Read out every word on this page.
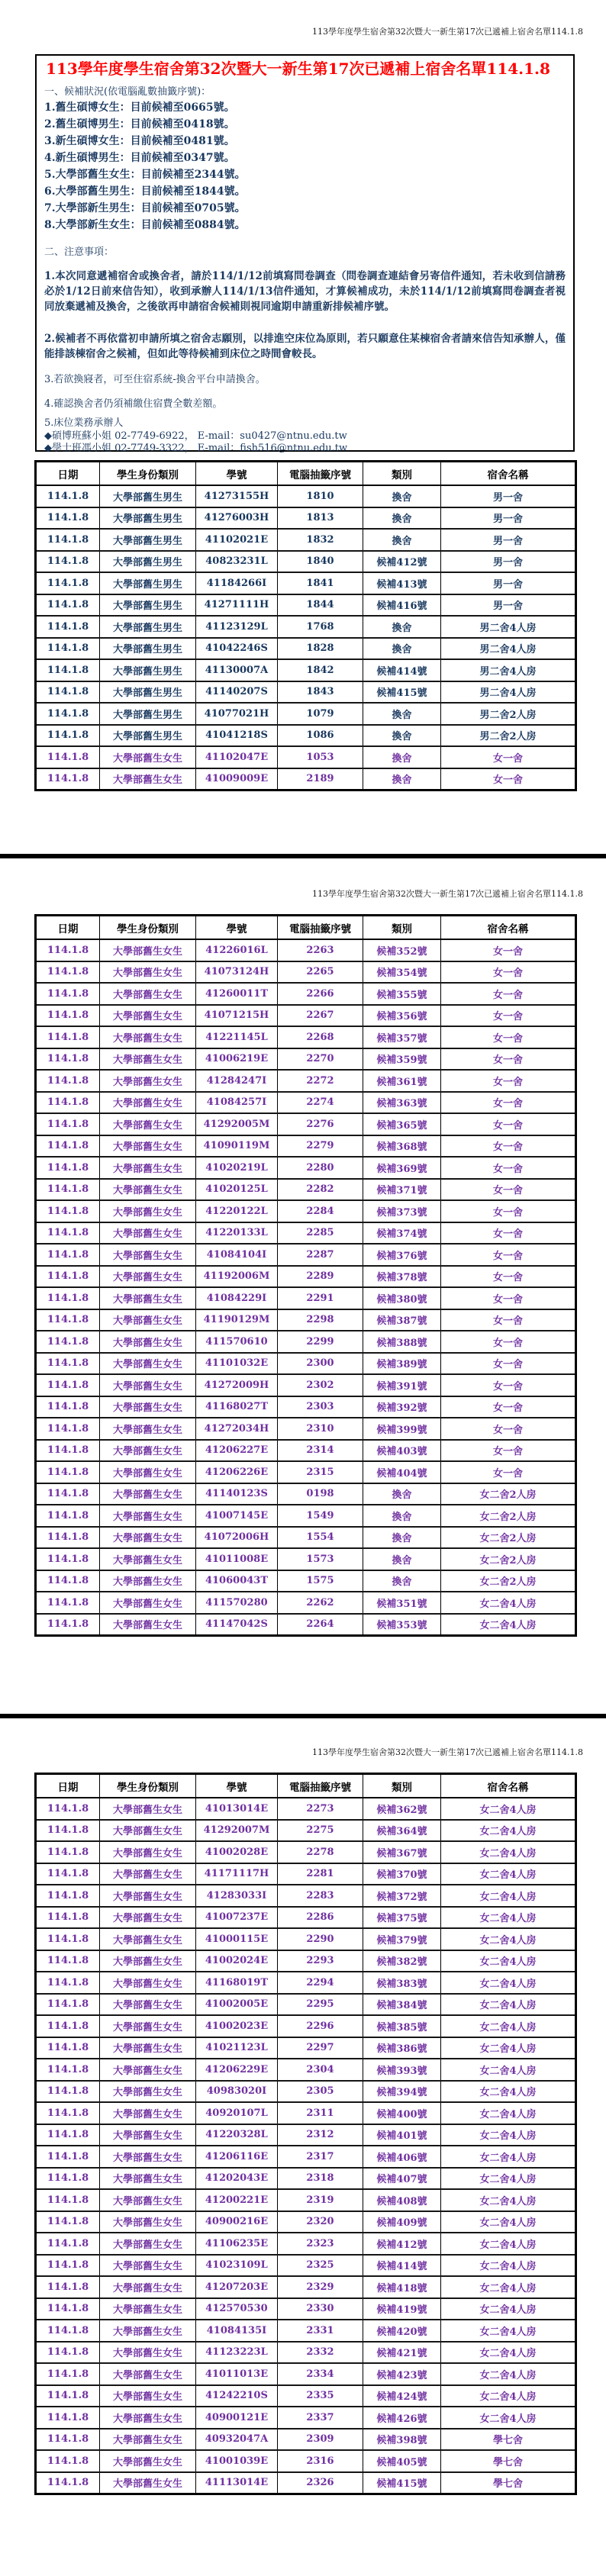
113學年度學生宿舍第32次暨大一新生第17次已遞補上宿舍名單114.1.8
113學年度學生宿舍第32次暨大一新生第17次已遞補上宿舍名單114.1.8
一、候補狀況(依電腦亂數抽籤序號)：
1.舊生碩博女生：目前候補至0665號。
2.舊生碩博男生：目前候補至0418號。
3.新生碩博女生：目前候補至0481號。
4.新生碩博男生：目前候補至0347號。
5.大學部舊生女生：目前候補至2344號。
6.大學部舊生男生：目前候補至1844號。
7.大學部新生男生：目前候補至0705號。
8.大學部新生女生：目前候補至0884號。
二、注意事項：
1.本次同意遞補宿舍或換舍者，請於114/1/12前填寫問卷調查（問卷調查連結會另寄信件通知，若未收到信請務必於1/12日前來信告知），收到承辦人114/1/13信件通知，才算候補成功，未於114/1/12前填寫問卷調查者視同放棄遞補及換舍，之後欲再申請宿舍候補則視同逾期申請重新排候補序號。
2.候補者不再依當初申請所填之宿舍志願別，以排進空床位為原則，若只願意住某棟宿舍者請來信告知承辦人，僅能排該棟宿舍之候補，但如此等待候補到床位之時間會較長。
3.若欲換寢者，可至住宿系統-換舍平台申請換舍。
4.確認換舍者仍須補繳住宿費全數差額。
5.床位業務承辦人
◆碩博班蘇小姐 02-7749-6922， E-mail：su0427@ntnu.edu.tw
◆學士班馮小姐 02-7749-3322， E-mail：fish516@ntnu.edu.tw
日期	學生身份類別	學號	電腦抽籤序號	類別	宿舍名稱
114.1.8	大學部舊生男生	41273155H	1810	換舍	男一舍
114.1.8	大學部舊生男生	41276003H	1813	換舍	男一舍
114.1.8	大學部舊生男生	41102021E	1832	換舍	男一舍
114.1.8	大學部舊生男生	40823231L	1840	候補412號	男一舍
114.1.8	大學部舊生男生	41184266I	1841	候補413號	男一舍
114.1.8	大學部舊生男生	41271111H	1844	候補416號	男一舍
114.1.8	大學部舊生男生	41123129L	1768	換舍	男二舍4人房
114.1.8	大學部舊生男生	41042246S	1828	換舍	男二舍4人房
114.1.8	大學部舊生男生	41130007A	1842	候補414號	男二舍4人房
114.1.8	大學部舊生男生	41140207S	1843	候補415號	男二舍4人房
114.1.8	大學部舊生男生	41077021H	1079	換舍	男二舍2人房
114.1.8	大學部舊生男生	41041218S	1086	換舍	男二舍2人房
114.1.8	大學部舊生女生	41102047E	1053	換舍	女一舍
114.1.8	大學部舊生女生	41009009E	2189	換舍	女一舍
113學年度學生宿舍第32次暨大一新生第17次已遞補上宿舍名單114.1.8
日期	學生身份類別	學號	電腦抽籤序號	類別	宿舍名稱
114.1.8	大學部舊生女生	41226016L	2263	候補352號	女一舍
114.1.8	大學部舊生女生	41073124H	2265	候補354號	女一舍
114.1.8	大學部舊生女生	41260011T	2266	候補355號	女一舍
114.1.8	大學部舊生女生	41071215H	2267	候補356號	女一舍
114.1.8	大學部舊生女生	41221145L	2268	候補357號	女一舍
114.1.8	大學部舊生女生	41006219E	2270	候補359號	女一舍
114.1.8	大學部舊生女生	41284247I	2272	候補361號	女一舍
114.1.8	大學部舊生女生	41084257I	2274	候補363號	女一舍
114.1.8	大學部舊生女生	41292005M	2276	候補365號	女一舍
114.1.8	大學部舊生女生	41090119M	2279	候補368號	女一舍
114.1.8	大學部舊生女生	41020219L	2280	候補369號	女一舍
114.1.8	大學部舊生女生	41020125L	2282	候補371號	女一舍
114.1.8	大學部舊生女生	41220122L	2284	候補373號	女一舍
114.1.8	大學部舊生女生	41220133L	2285	候補374號	女一舍
114.1.8	大學部舊生女生	41084104I	2287	候補376號	女一舍
114.1.8	大學部舊生女生	41192006M	2289	候補378號	女一舍
114.1.8	大學部舊生女生	41084229I	2291	候補380號	女一舍
114.1.8	大學部舊生女生	41190129M	2298	候補387號	女一舍
114.1.8	大學部舊生女生	411570610	2299	候補388號	女一舍
114.1.8	大學部舊生女生	41101032E	2300	候補389號	女一舍
114.1.8	大學部舊生女生	41272009H	2302	候補391號	女一舍
114.1.8	大學部舊生女生	41168027T	2303	候補392號	女一舍
114.1.8	大學部舊生女生	41272034H	2310	候補399號	女一舍
114.1.8	大學部舊生女生	41206227E	2314	候補403號	女一舍
114.1.8	大學部舊生女生	41206226E	2315	候補404號	女一舍
114.1.8	大學部舊生女生	41140123S	0198	換舍	女二舍2人房
114.1.8	大學部舊生女生	41007145E	1549	換舍	女二舍2人房
114.1.8	大學部舊生女生	41072006H	1554	換舍	女二舍2人房
114.1.8	大學部舊生女生	41011008E	1573	換舍	女二舍2人房
114.1.8	大學部舊生女生	41060043T	1575	換舍	女二舍2人房
114.1.8	大學部舊生女生	411570280	2262	候補351號	女二舍4人房
114.1.8	大學部舊生女生	41147042S	2264	候補353號	女二舍4人房
113學年度學生宿舍第32次暨大一新生第17次已遞補上宿舍名單114.1.8
日期	學生身份類別	學號	電腦抽籤序號	類別	宿舍名稱
114.1.8	大學部舊生女生	41013014E	2273	候補362號	女二舍4人房
114.1.8	大學部舊生女生	41292007M	2275	候補364號	女二舍4人房
114.1.8	大學部舊生女生	41002028E	2278	候補367號	女二舍4人房
114.1.8	大學部舊生女生	41171117H	2281	候補370號	女二舍4人房
114.1.8	大學部舊生女生	41283033I	2283	候補372號	女二舍4人房
114.1.8	大學部舊生女生	41007237E	2286	候補375號	女二舍4人房
114.1.8	大學部舊生女生	41000115E	2290	候補379號	女二舍4人房
114.1.8	大學部舊生女生	41002024E	2293	候補382號	女二舍4人房
114.1.8	大學部舊生女生	41168019T	2294	候補383號	女二舍4人房
114.1.8	大學部舊生女生	41002005E	2295	候補384號	女二舍4人房
114.1.8	大學部舊生女生	41002023E	2296	候補385號	女二舍4人房
114.1.8	大學部舊生女生	41021123L	2297	候補386號	女二舍4人房
114.1.8	大學部舊生女生	41206229E	2304	候補393號	女二舍4人房
114.1.8	大學部舊生女生	40983020I	2305	候補394號	女二舍4人房
114.1.8	大學部舊生女生	40920107L	2311	候補400號	女二舍4人房
114.1.8	大學部舊生女生	41220328L	2312	候補401號	女二舍4人房
114.1.8	大學部舊生女生	41206116E	2317	候補406號	女二舍4人房
114.1.8	大學部舊生女生	41202043E	2318	候補407號	女二舍4人房
114.1.8	大學部舊生女生	41200221E	2319	候補408號	女二舍4人房
114.1.8	大學部舊生女生	40900216E	2320	候補409號	女二舍4人房
114.1.8	大學部舊生女生	41106235E	2323	候補412號	女二舍4人房
114.1.8	大學部舊生女生	41023109L	2325	候補414號	女二舍4人房
114.1.8	大學部舊生女生	41207203E	2329	候補418號	女二舍4人房
114.1.8	大學部舊生女生	412570530	2330	候補419號	女二舍4人房
114.1.8	大學部舊生女生	41084135I	2331	候補420號	女二舍4人房
114.1.8	大學部舊生女生	41123223L	2332	候補421號	女二舍4人房
114.1.8	大學部舊生女生	41011013E	2334	候補423號	女二舍4人房
114.1.8	大學部舊生女生	41242210S	2335	候補424號	女二舍4人房
114.1.8	大學部舊生女生	40900121E	2337	候補426號	女二舍4人房
114.1.8	大學部舊生女生	40932047A	2309	候補398號	學七舍
114.1.8	大學部舊生女生	41001039E	2316	候補405號	學七舍
114.1.8	大學部舊生女生	41113014E	2326	候補415號	學七舍
